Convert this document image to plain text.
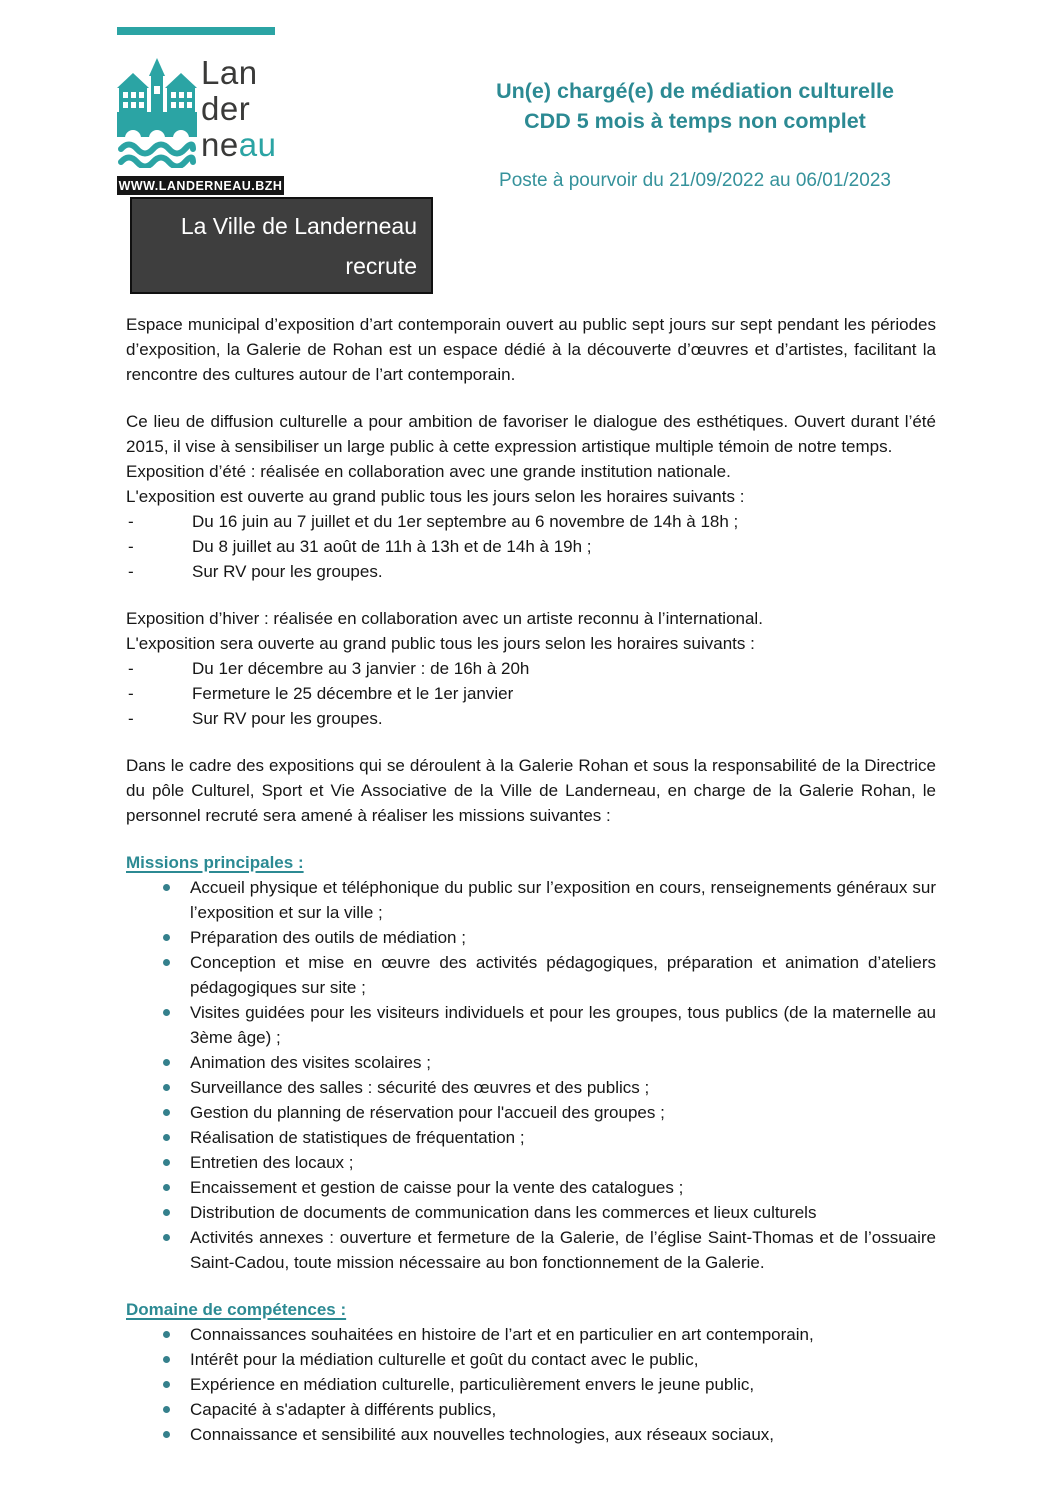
Lan
der
neau
WWW.LANDERNEAU.BZH
La Ville de Landerneau
recrute
Un(e) chargé(e) de médiation culturelle
CDD 5 mois à temps non complet
Poste à pourvoir du 21/09/2022 au 06/01/2023

Espace municipal d’exposition d’art contemporain ouvert au public sept jours sur sept pendant les périodes d’exposition, la Galerie de Rohan est un espace dédié à la découverte d’œuvres et d’artistes, facilitant la rencontre des cultures autour de l’art contemporain.

Ce lieu de diffusion culturelle a pour ambition de favoriser le dialogue des esthétiques. Ouvert durant l’été 2015, il vise à sensibiliser un large public à cette expression artistique multiple témoin de notre temps.

Exposition d’été : réalisée en collaboration avec une grande institution nationale.

L'exposition est ouverte au grand public tous les jours selon les horaires suivants :

-	Du 16 juin au 7 juillet et du 1er septembre au 6 novembre de 14h à 18h ;
-	Du 8 juillet au 31 août de 11h à 13h et de 14h à 19h ;
-	Sur RV pour les groupes.

Exposition d’hiver : réalisée en collaboration avec un artiste reconnu à l’international.

L'exposition sera ouverte au grand public tous les jours selon les horaires suivants :

-	Du 1er décembre au 3 janvier : de 16h à 20h
-	Fermeture le 25 décembre et le 1er janvier
-	Sur RV pour les groupes.

Dans le cadre des expositions qui se déroulent à la Galerie Rohan et sous la responsabilité de la Directrice du pôle Culturel, Sport et Vie Associative de la Ville de Landerneau, en charge de la Galerie Rohan, le personnel recruté sera amené à réaliser les missions suivantes :

Missions principales :

Accueil physique et téléphonique du public sur l’exposition en cours, renseignements généraux sur l’exposition et sur la ville ;
Préparation des outils de médiation ;
Conception et mise en œuvre des activités pédagogiques, préparation et animation d’ateliers pédagogiques sur site ;
Visites guidées pour les visiteurs individuels et pour les groupes, tous publics (de la maternelle au 3ème âge) ;
Animation des visites scolaires ;
Surveillance des salles : sécurité des œuvres et des publics ;
Gestion du planning de réservation pour l'accueil des groupes ;
Réalisation de statistiques de fréquentation ;
Entretien des locaux ;
Encaissement et gestion de caisse pour la vente des catalogues ;
Distribution de documents de communication dans les commerces et lieux culturels
Activités annexes : ouverture et fermeture de la Galerie, de l’église Saint-Thomas et de l’ossuaire Saint-Cadou, toute mission nécessaire au bon fonctionnement de la Galerie.

Domaine de compétences :

Connaissances souhaitées en histoire de l’art et en particulier en art contemporain,
Intérêt pour la médiation culturelle et goût du contact avec le public,
Expérience en médiation culturelle, particulièrement envers le jeune public,
Capacité à s'adapter à différents publics,
Connaissance et sensibilité aux nouvelles technologies, aux réseaux sociaux,
